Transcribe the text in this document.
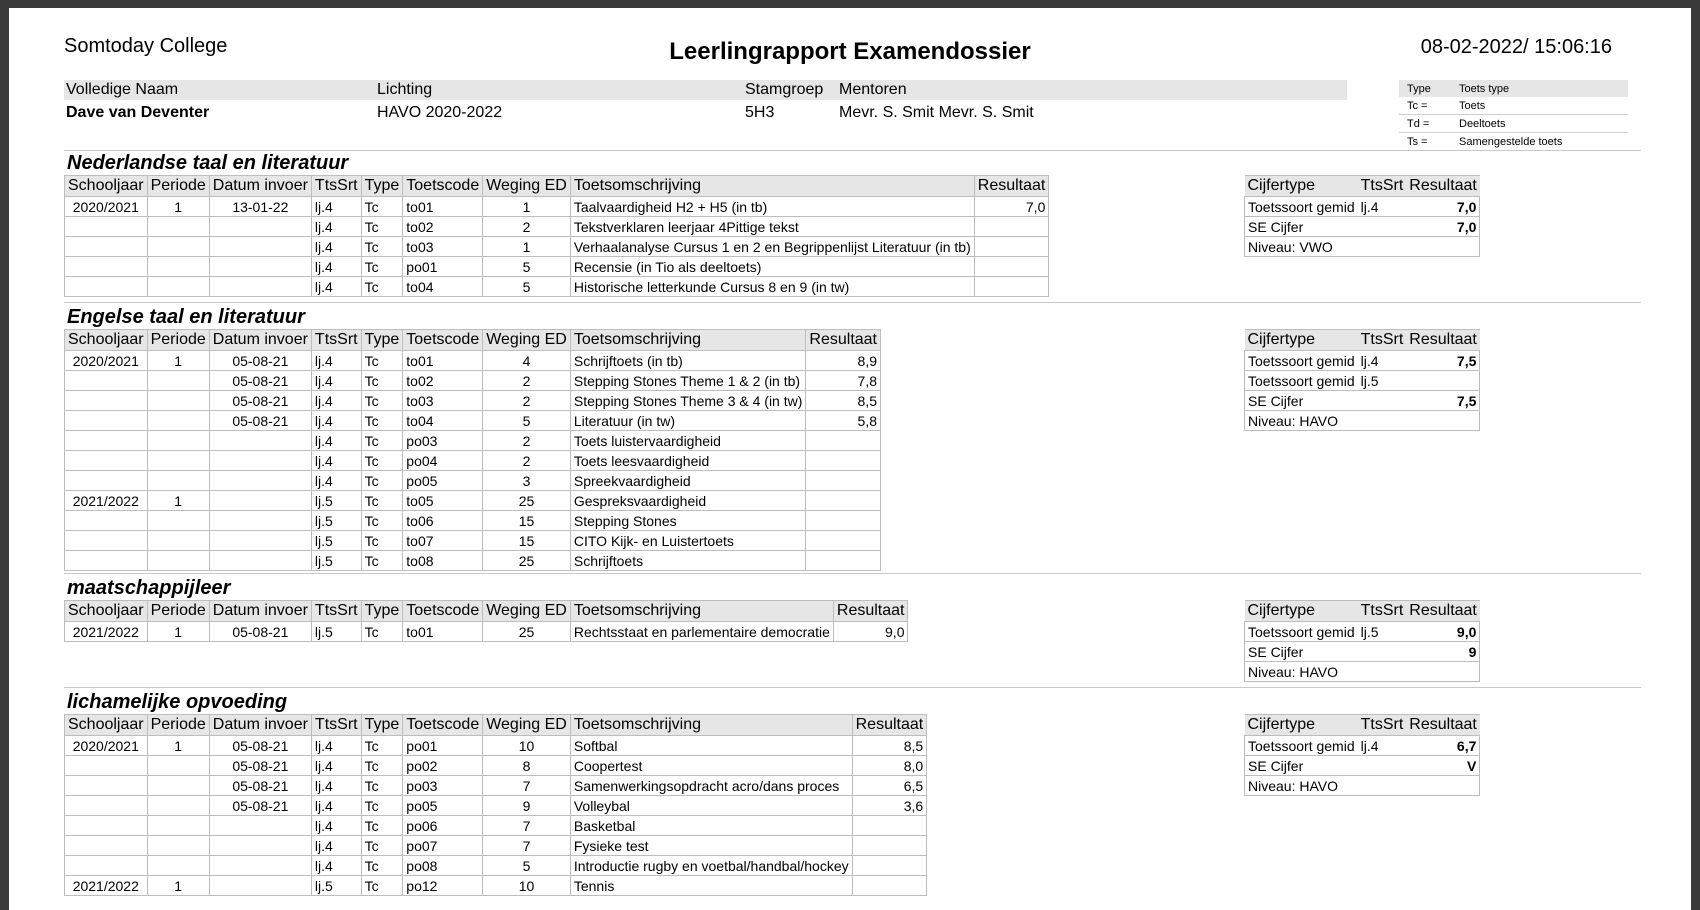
Somtoday College	Leerlingrapport Examendossier	08-02-2022/ 15:06:16
Volledige Naam
Dave van Deventer
Lichting
HAVO 2020-2022
Stamgroep
5H3
Mentoren
Mevr. S. Smit Mevr. S. Smit
Type	Toets type
Tc =	Toets
Td =	Deeltoets
Ts =	Samengestelde toets
Nederlandse taal en literatuur
Schooljaar	Periode	Datum invoer	TtsSrt	Type	Toetscode	Weging ED	Toetsomschrijving	Resultaat
2020/2021	1	13-01-22	lj.4	Tc	to01	1	Taalvaardigheid H2 + H5 (in tb)	7,0
			lj.4	Tc	to02	2	Tekstverklaren leerjaar 4Pittige tekst	
			lj.4	Tc	to03	1	Verhaalanalyse Cursus 1 en 2 en Begrippenlijst Literatuur (in tb)	
			lj.4	Tc	po01	5	Recensie (in Tio als deeltoets)	
			lj.4	Tc	to04	5	Historische letterkunde Cursus 8 en 9 (in tw)	
Cijfertype	TtsSrt	Resultaat
Toetssoort gemid	lj.4	7,0
SE Cijfer		7,0
Niveau: VWO		
Engelse taal en literatuur
Schooljaar	Periode	Datum invoer	TtsSrt	Type	Toetscode	Weging ED	Toetsomschrijving	Resultaat
2020/2021	1	05-08-21	lj.4	Tc	to01	4	Schrijftoets (in tb)	8,9
		05-08-21	lj.4	Tc	to02	2	Stepping Stones Theme 1 & 2 (in tb)	7,8
		05-08-21	lj.4	Tc	to03	2	Stepping Stones Theme 3 & 4 (in tw)	8,5
		05-08-21	lj.4	Tc	to04	5	Literatuur (in tw)	5,8
			lj.4	Tc	po03	2	Toets luistervaardigheid	
			lj.4	Tc	po04	2	Toets leesvaardigheid	
			lj.4	Tc	po05	3	Spreekvaardigheid	
2021/2022	1		lj.5	Tc	to05	25	Gespreksvaardigheid	
			lj.5	Tc	to06	15	Stepping Stones	
			lj.5	Tc	to07	15	CITO Kijk- en Luistertoets	
			lj.5	Tc	to08	25	Schrijftoets	
Cijfertype	TtsSrt	Resultaat
Toetssoort gemid	lj.4	7,5
Toetssoort gemid	lj.5	
SE Cijfer		7,5
Niveau: HAVO		
maatschappijleer
Schooljaar	Periode	Datum invoer	TtsSrt	Type	Toetscode	Weging ED	Toetsomschrijving	Resultaat
2021/2022	1	05-08-21	lj.5	Tc	to01	25	Rechtsstaat en parlementaire democratie	9,0
Cijfertype	TtsSrt	Resultaat
Toetssoort gemid	lj.5	9,0
SE Cijfer		9
Niveau: HAVO		
lichamelijke opvoeding
Schooljaar	Periode	Datum invoer	TtsSrt	Type	Toetscode	Weging ED	Toetsomschrijving	Resultaat
2020/2021	1	05-08-21	lj.4	Tc	po01	10	Softbal	8,5
		05-08-21	lj.4	Tc	po02	8	Coopertest	8,0
		05-08-21	lj.4	Tc	po03	7	Samenwerkingsopdracht acro/dans proces	6,5
		05-08-21	lj.4	Tc	po05	9	Volleybal	3,6
			lj.4	Tc	po06	7	Basketbal	
			lj.4	Tc	po07	7	Fysieke test	
			lj.4	Tc	po08	5	Introductie rugby en voetbal/handbal/hockey	
2021/2022	1		lj.5	Tc	po12	10	Tennis	
Cijfertype	TtsSrt	Resultaat
Toetssoort gemid	lj.4	6,7
SE Cijfer		V
Niveau: HAVO		
